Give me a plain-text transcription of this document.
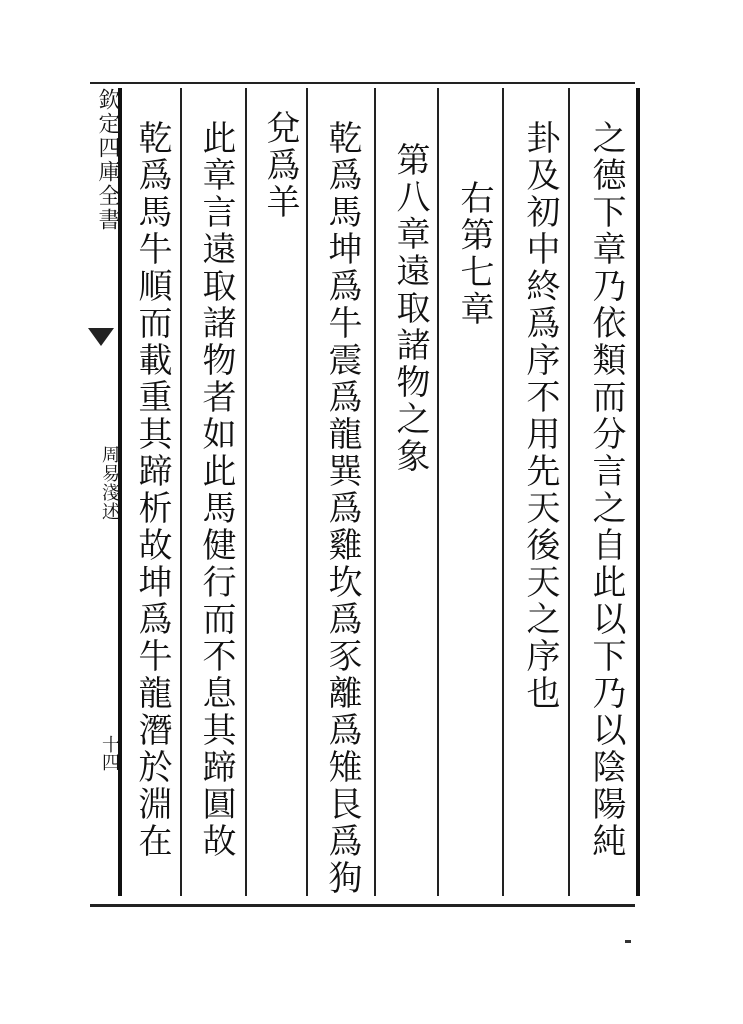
之德下章乃依類而分言之自此以下乃以陰陽純
卦及初中終爲序不用先天後天之序也
右第七章
第八章遠取諸物之象
乾爲馬坤爲牛震爲龍巽爲雞坎爲豕離爲雉艮爲狗
兌爲羊
此章言遠取諸物者如此馬健行而不息其蹄圓故
乾爲馬牛順而載重其蹄析故坤爲牛龍潛於淵在
欽定四庫全書
周易淺述
十四
